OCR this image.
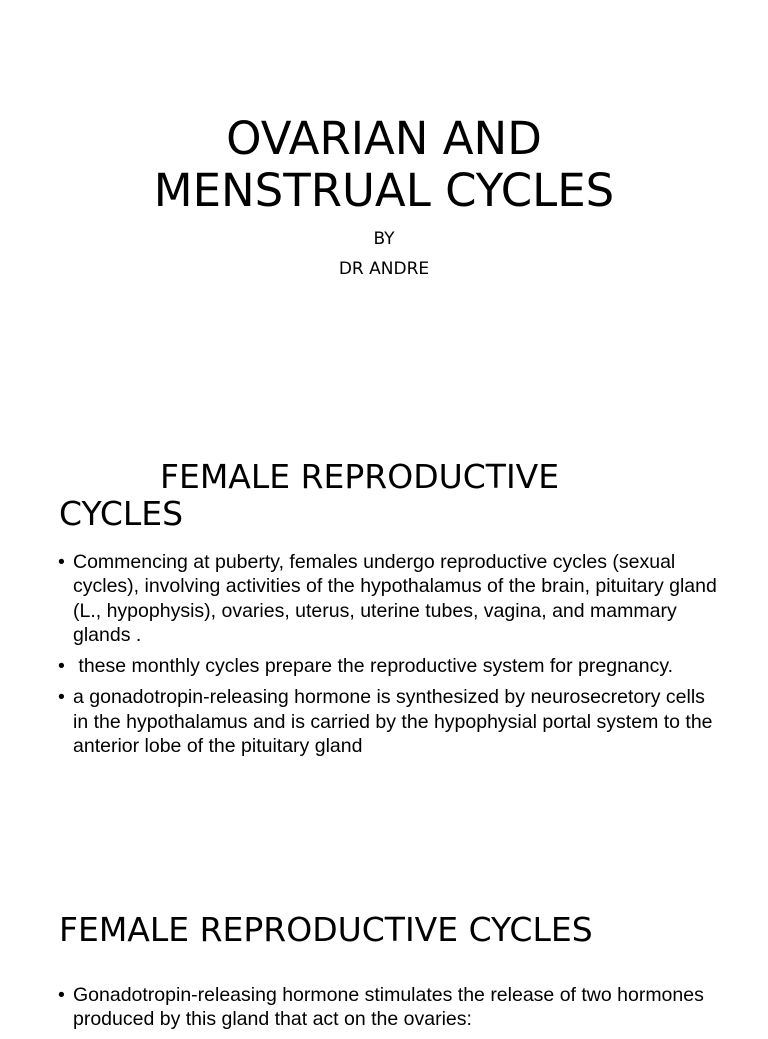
OVARIAN AND
MENSTRUAL CYCLES

BY

DR ANDRE

FEMALE REPRODUCTIVE
CYCLES
• Commencing at puberty, females undergo reproductive cycles (sexual cycles), involving activities of the hypothalamus of the brain, pituitary gland (L., hypophysis), ovaries, uterus, uterine tubes, vagina, and mammary glands .
• these monthly cycles prepare the reproductive system for pregnancy.
• a gonadotropin-releasing hormone is synthesized by neurosecretory cells in the hypothalamus and is carried by the hypophysial portal system to the anterior lobe of the pituitary gland
FEMALE REPRODUCTIVE CYCLES
• Gonadotropin-releasing hormone stimulates the release of two hormones produced by this gland that act on the ovaries:
